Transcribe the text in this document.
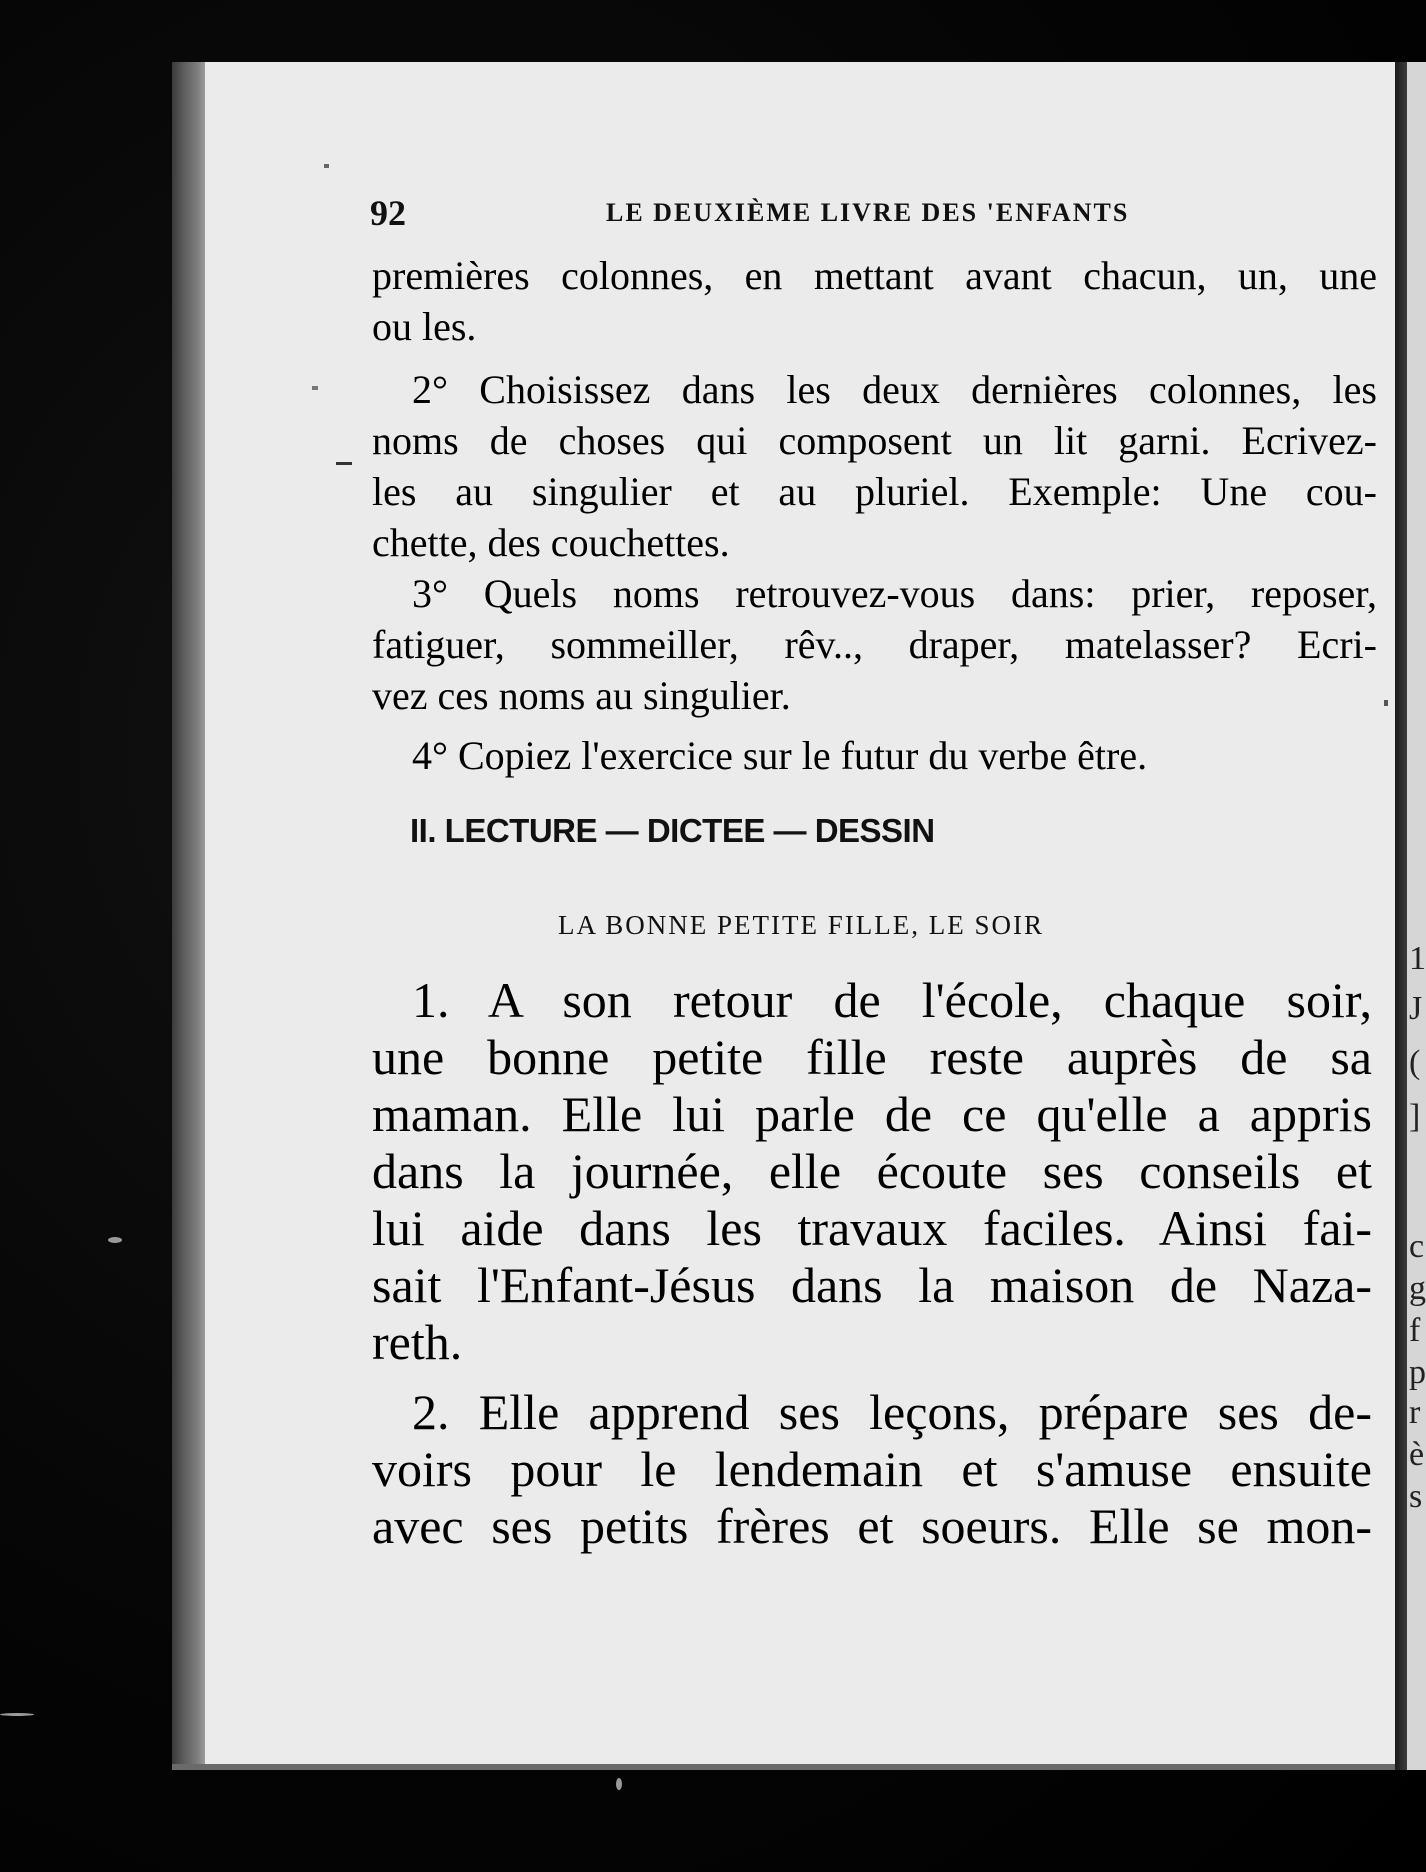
1
J
(
]
c
g
f
p
r
è
s
92	LE DEUXIÈME LIVRE DES 'ENFANTS
premières colonnes, en mettant avant chacun, un, une
ou les.
2° Choisissez dans les deux dernières colonnes, les
noms de choses qui composent un lit garni. Ecrivez-
les au singulier et au pluriel. Exemple: Une cou-
chette, des couchettes.
3° Quels noms retrouvez-vous dans: prier, reposer,
fatiguer, sommeiller, rêv.., draper, matelasser? Ecri-
vez ces noms au singulier.
4° Copiez l'exercice sur le futur du verbe être.
II. LECTURE — DICTEE — DESSIN
LA BONNE PETITE FILLE, LE SOIR
1. A son retour de l'école, chaque soir,
une bonne petite fille reste auprès de sa
maman. Elle lui parle de ce qu'elle a appris
dans la journée, elle écoute ses conseils et
lui aide dans les travaux faciles. Ainsi fai-
sait l'Enfant-Jésus dans la maison de Naza-
reth.
2. Elle apprend ses leçons, prépare ses de-
voirs pour le lendemain et s'amuse ensuite
avec ses petits frères et soeurs. Elle se mon-
